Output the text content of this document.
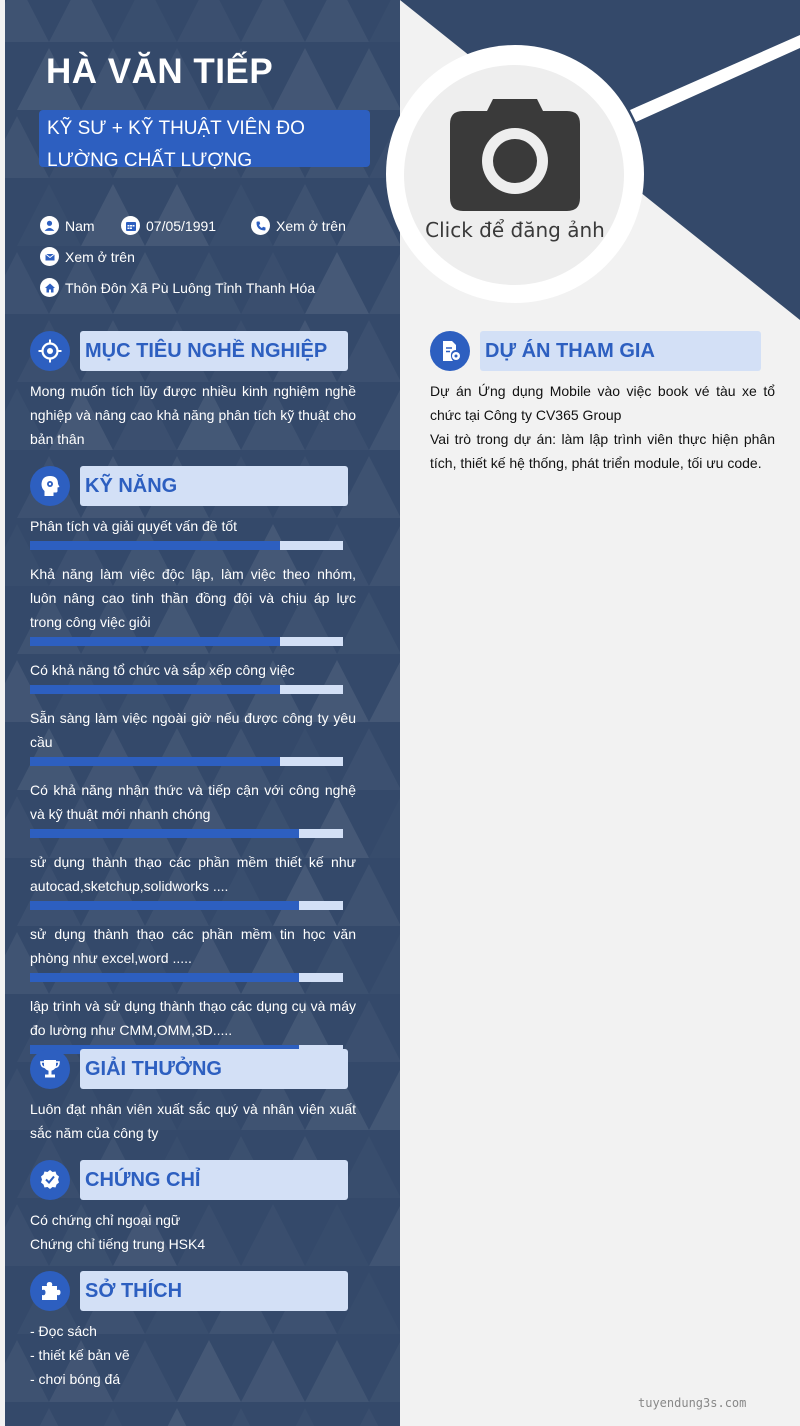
HÀ VĂN TIẾP
KỸ SƯ + KỸ THUẬT VIÊN ĐO LƯỜNG CHẤT LƯỢNG
Nam	07/05/1991	Xem ở trên
Xem ở trên
Thôn Đôn Xã Pù Luông Tỉnh Thanh Hóa
MỤC TIÊU NGHỀ NGHIỆP
Mong muốn tích lũy được nhiều kinh nghiệm nghề nghiệp và nâng cao khả năng phân tích kỹ thuật cho bản thân
KỸ NĂNG
Phân tích và giải quyết vấn đề tốt
Khả năng làm việc độc lập, làm việc theo nhóm, luôn nâng cao tinh thần đồng đội và chịu áp lực trong công việc giỏi
Có khả năng tổ chức và sắp xếp công việc
Sẵn sàng làm việc ngoài giờ nếu được công ty yêu cầu
Có khả năng nhận thức và tiếp cận với công nghệ và kỹ thuật mới nhanh chóng
sử dụng thành thạo các phần mềm thiết kế như autocad,sketchup,solidworks ....
sử dụng thành thạo các phần mềm tin học văn phòng như excel,word .....
lập trình và sử dụng thành thạo các dụng cụ và máy đo lường như CMM,OMM,3D.....
GIẢI THƯỞNG
Luôn đạt nhân viên xuất sắc quý và nhân viên xuất sắc năm của công ty
CHỨNG CHỈ
Có chứng chỉ ngoại ngữ
Chứng chỉ tiếng trung HSK4
SỞ THÍCH
- Đọc sách
- thiết kế bản vẽ
- chơi bóng đá
Click để đăng ảnh
DỰ ÁN THAM GIA
Dự án Ứng dụng Mobile vào việc book vé tàu xe tổ chức tại Công ty CV365 Group
Vai trò trong dự án: làm lập trình viên thực hiện phân tích, thiết kế hệ thống, phát triển module, tối ưu code.
tuyendung3s.com
